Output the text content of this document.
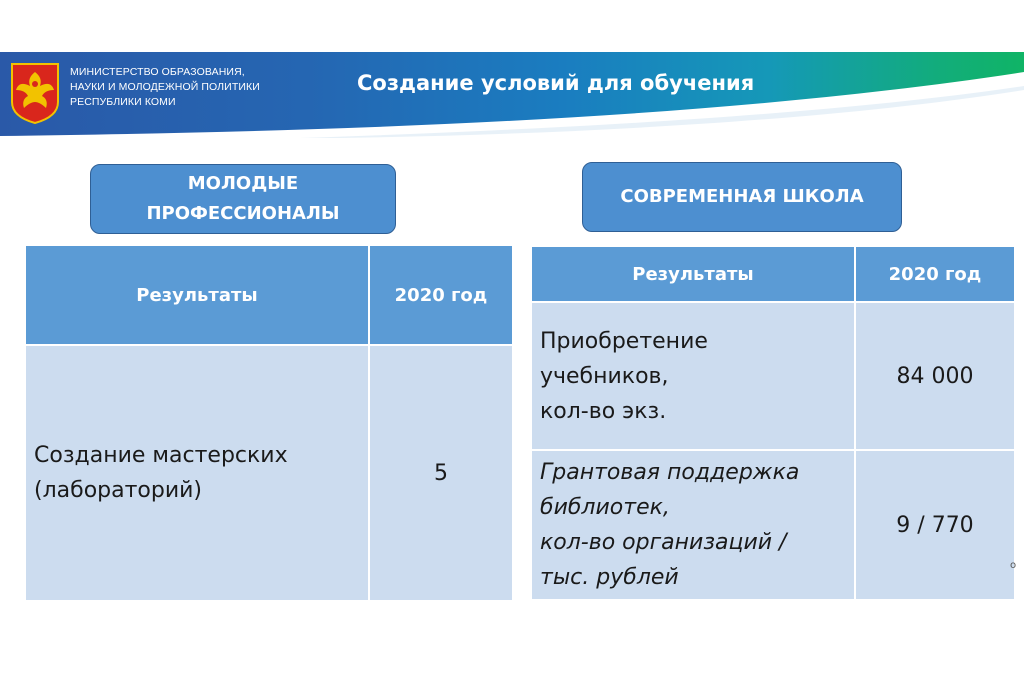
МИНИСТЕРСТВО ОБРАЗОВАНИЯ,
НАУКИ И МОЛОДЕЖНОЙ ПОЛИТИКИ
РЕСПУБЛИКИ КОМИ
Создание условий для обучения
МОЛОДЫЕ
ПРОФЕССИОНАЛЫ
СОВРЕМЕННАЯ ШКОЛА
Результаты	2020 год

Создание мастерских
(лабораторий)	5
Результаты	2020 год

Приобретение
учебников,
кол-во экз.	84 000

Грантовая поддержка
библиотек,
кол-во организаций /
тыс. рублей	9 / 770
о
